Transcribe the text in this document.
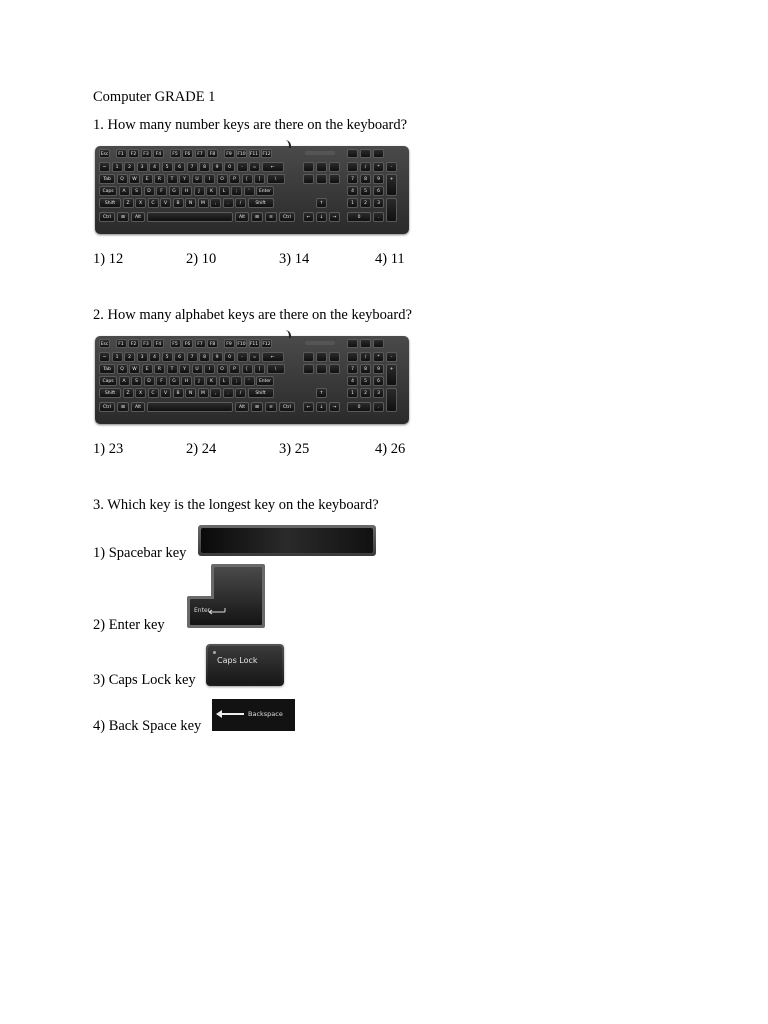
Computer GRADE 1
1. How many number keys are there on the keyboard?
Esc	F1	F2	F3	F4	F5	F6	F7	F8	F9	F10 F11 F12
~	1	2	3	4	5	6	7	8	9	0	-	=	←
Tab	Q	W	E	R	T	Y	U	I	O	P	[	]	\
Caps	A	S	D	F	G	H	J	K	L	;	'	Enter
Shift	Z	X	C	V	B	N	M	,	.	/	Shift
Ctrl	⊞	Alt	Alt	⊞	≡	Ctrl
↑
←	↓	→
/	*	-
7	8	9
4	5	6
1	2	3
+
0	.
1) 12	2) 10	3) 14	4) 11
2. How many alphabet keys are there on the keyboard?
Esc	F1	F2	F3	F4	F5	F6	F7	F8	F9	F10 F11 F12
~	1	2	3	4	5	6	7	8	9	0	-	=	←
Tab	Q	W	E	R	T	Y	U	I	O	P	[	]	\
Caps	A	S	D	F	G	H	J	K	L	;	'	Enter
Shift	Z	X	C	V	B	N	M	,	.	/	Shift
Ctrl	⊞	Alt	Alt	⊞	≡	Ctrl
↑
←	↓	→
/	*	-
7	8	9
4	5	6
1	2	3
+
0	.
1) 23	2) 24	3) 25	4) 26
3. Which key is the longest key on the keyboard?
1) Spacebar key
2) Enter key
Enter
3) Caps Lock key
Caps Lock
4) Back Space key
Backspace
